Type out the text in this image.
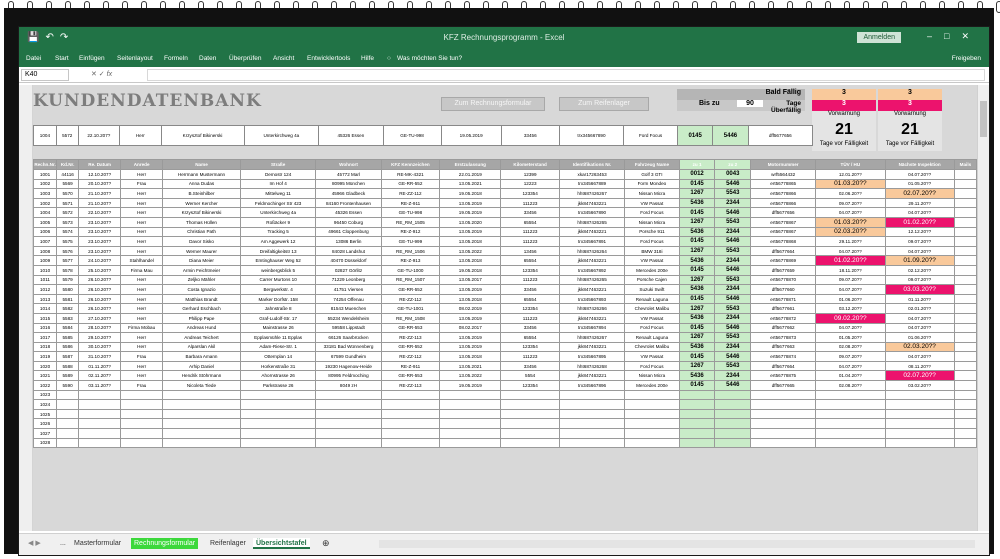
💾↶↷	KFZ Rechnungsprogramm - Excel	Anmelden	–□✕
Datei Start Einfügen Seitenlayout Formeln Daten Überprüfen Ansicht Entwicklertools Hilfe ○ Was möchten Sie tun?	Freigeben
K40	✕ ✓ fx
KUNDENDATENBANK	Zum Rechnungsformular	Zum Reifenlager
Bald Fällig
Bis zu	90	Tage Überfällig
3	3
3	3
Vorwarnung	Vorwarnung
21	21
Tage vor Fälligkeit	Tage vor Fälligkeit
1004	5572	22.10.207?	Herr	Krzysztof Bikinerski	Unterkirchweg 4a	45326 Essen	GE-TU-998	19.05.2019	33456	trx345667890	Ford Focus	0145	5446	dff5677656
Rechn.Nr.	Kd.Nr.	Re. Datum	Anrede	Name	Straße	Wohnort	KFZ Kennzeichen	Erstzulassung	Kilometerstand	Identifikations Nr.	Fahrzeug Name	zu 1	zu 2	Motornummer	TÜV / HU	Nächste Inspektion	Mails
1001	44116	12.10.207?	Herr	Herrmann Mustermann	Demostr 124	45772 Marl	RE-MK-4321	22.01.2019	12399	xkar17263453	Golf 3 GTI	0012	0043	wrf5564432	12.01.20??	04.07.20??	
1002	5569	20.10.207?	Frau	Anna Dudas	Im Hof 4	80995 München	GE-RR-552	13.05.2021	12223	trx345667889	Form Mondeo	0145	5446	ert56778865	01.03.20??	01.05.20??	
1003	5570	21.10.207?	Herr	B.Steinhilber	Mittelweg 11	45966 Gladbeck	RE-ZZ-112	19.05.2018	123354	hht687426267	Nissan Micra	1267	5543	ert56778866	02.06.20??	02.07.20??	
1002	5571	21.10.207?	Herr	Werner Kercher	Feldmochinger Str 423	84160 Frontenhausen	RE-Z-911	13.05.2019	111223	jkk847463221	VW Passat	5436	2344	ert56778866	09.07.20??	29.11.20??	
1004	5572	22.10.207?	Herr	Krzysztof Bikinerski	Unterkirchweg 4a	45326 Essen	GE-TU-998	19.05.2019	33456	trx345667890	Ford Focus	0145	5446	dff5677656	04.07.20??	04.07.20??	
1005	5573	23.10.207?	Herr	Thomas Hüllen	Roßäcker 9	96450 Coburg	RE_RM_1505	13.05.2020	65554	hht687426265	Nissan Micra	1267	5543	ert56778867	01.03.20??	01.02.20??	
1006	5574	23.10.207?	Herr	Christian Path	Tracking 5	49661 Cloppenburg	RE-Z-912	13.05.2019	111223	jkk847463221	Porsche 911	5436	2344	ert56778867	02.03.20??	12.12.20??	
1007	5575	23.10.207?	Herr	Davor Sisko	Am Aggewerk 12	13086 Berlin	GE-TU-999	13.05.2018	111223	trx345667891	Ford Focus	0145	5446	ert56778868	29.11.20??	09.07.20??	
1008	5576	23.10.207?	Herr	Werner Maurer	Dreifaltigkeitstr 13	84028 Landshut	RE_RM_1506	13.05.2022	13456	hht687426264	BMW 318i	1267	5543	dff5677664	04.07.20??	04.07.20??	
1009	5577	24.10.207?	Stahlhandel	Diana Meier	Emtinghauser Weg 52	40470 Düsseldorf	RE-Z-913	13.05.2018	65554	jkk847463221	VW Passat	5436	2344	ert56778869	01.02.20??	01.09.20??	
1010	5578	25.10.207?	Firma Mau	Armin Feichtmeier	weinbergsblick 5	02827 Görlitz	GE-TU-1000	19.05.2018	123354	trx345667892	Mercedes 200e	0145	5446	dff5677659	18.11.20??	02.12.20??	
1011	5579	26.10.207?	Herr	Zeljko Mähler	Carrer Murtons 10	71229 Leonberg	RE_RM_1507	13.05.2017	111223	hht687426265	Porsche Cajen	1267	5543	ert56778870	09.07.20??	09.07.20??	
1012	5580	26.10.207?	Herr	Costa Ignazio	Bergwerkstr. 4	41751 Viersen	GE-RR-552	13.05.2019	33456	jkk847463221	Suzuki Swift	5436	2344	dff5677660	04.07.20??	03.03.20??	
1013	5581	26.10.207?	Herr	Matthias Brandt	Marker Dorfstr. 158	74254 Offenau	RE-ZZ-112	13.05.2018	65554	trx345667893	Renault Laguna	0145	5446	ert56778871	01.06.20??	01.11.20??	
1014	5582	26.10.207?	Herr	Gerhard Eschbach	Jahnstraße 8	81543 Muenchen	GE-TU-1001	08.02.2019	123354	hht687426266	Chevrolet Malibu	1267	5543	dff5677661	03.12.20??	02.01.20??	
1015	5583	27.10.207?	Herr	Philipp Pape	Graf-Ludolf-Str. 17	55234 Wendelsheim	RE_RM_1508	13.05.2019	111223	jkk847463221	VW Passat	5436	2344	ert56778872	09.02.20??	04.07.20??	
1016	5584	28.10.207?	Firma Mobau	Andreas Hund	Mainstrasse 26	59558 Lippstadt	GE-RR-553	08.02.2017	33456	trx345667894	Ford Focus	0145	5446	dff5677662	04.07.20??	04.07.20??	
1017	5585	29.10.207?	Herr	Andreas Teichert	Epplasmühle 11 Epplas	66126 Saarbrücken	RE-ZZ-113	13.05.2019	65554	hht687426267	Renault Laguna	1267	5543	ert56778873	01.05.20??	01.06.20??	
1018	5586	30.10.207?	Herr	Alparslan Akil	Adam-Riese-Str. 1	33181 Bad Wünnenberg	GE-RR-552	13.05.2019	123354	jkk847463221	Chevrolet Malibu	5436	2344	dff5677663	02.08.20??	02.03.20??	
1019	5587	31.10.207?	Frau	Barbara Amann	Otternplan 14	67599 Gundheim	RE-ZZ-112	13.05.2018	111223	trx345667895	VW Passat	0145	5446	ert56778874	09.07.20??	04.07.20??	
1020	5588	01.11.207?	Herr	Arhip Daniel	Horkenstraße 31	19230 Hagenow-Heide	RE-Z-911	13.05.2021	33456	hht687426268	Ford Focus	1267	5543	dff5677664	04.07.20??	08.11.20??	
1021	5589	02.11.207?	Herr	Hendrik Stöhrmann	Ahornstrasse 26	80995 Feldmoching	GE-RR-553	13.05.2022	5554	jkk847463221	Nissan Micra	5436	2344	ert56778875	01.04.20??	02.07.20??	
1022	5590	03.11.207?	Frau	Nicoleta Tiede	Parkstrasse 26	8049 zH	RE-ZZ-113	19.05.2019	123354	trx345667896	Mercedes 200e	0145	5446	dff5677665	02.08.20??	03.02.20??	
1023																	
1024																	
1025																	
1026																	
1027																	
1028																	
◀ ▶	...	Masterformular	Rechnungsformular	Reifenlager	Übersichtstafel	⊕
